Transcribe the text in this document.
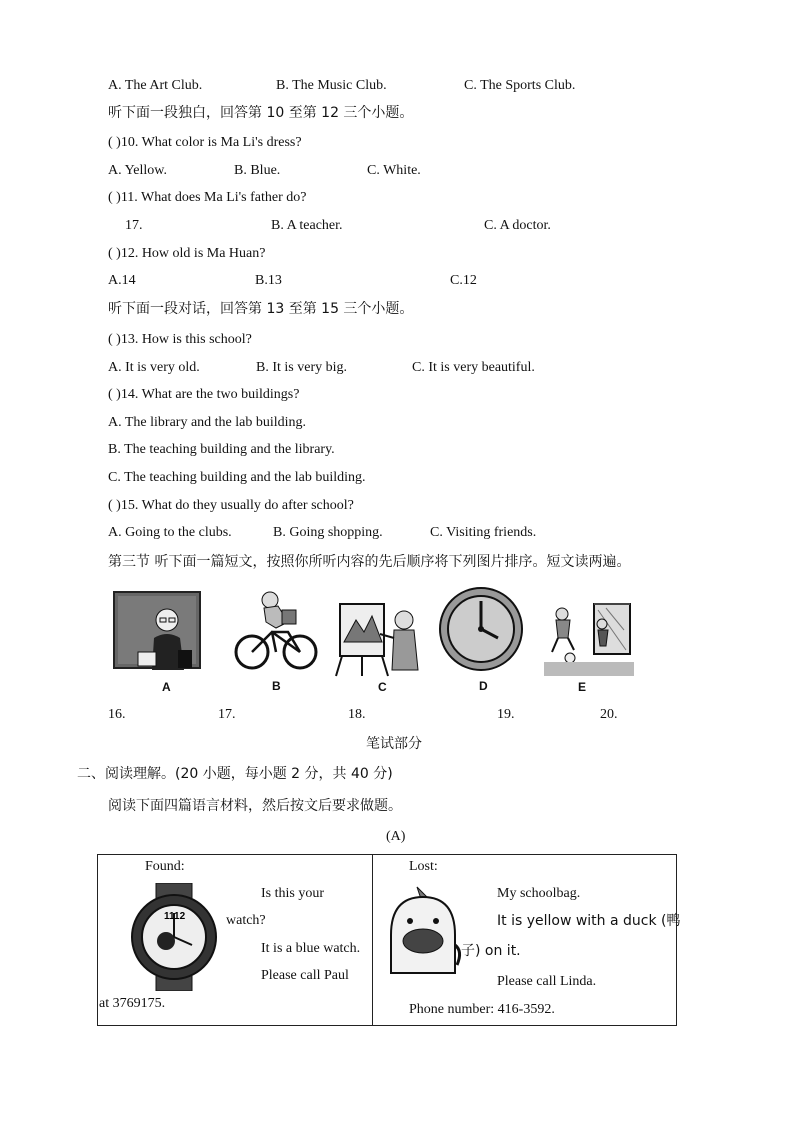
A. The Art Club.	B. The Music Club.	C. The Sports Club.
听下面一段独白，回答第 10 至第 12 三个小题。
( )10. What color is Ma Li's dress?
A. Yellow.	B. Blue.	C. White.
( )11. What does Ma Li's father do?
17.	B. A teacher.	C. A doctor.
( )12. How old is Ma Huan?
A.14	B.13	C.12
听下面一段对话，回答第 13 至第 15 三个小题。
( )13. How is this school?
A. It is very old.	B. It is very big.	C. It is very beautiful.
( )14. What are the two buildings?
A. The library and the lab building.
B. The teaching building and the library.
C. The teaching building and the lab building.
( )15. What do they usually do after school?
A. Going to the clubs.	B. Going shopping.	C. Visiting friends.
第三节 听下面一篇短文，按照你所听内容的先后顺序将下列图片排序。短文读两遍。
A	B	C	D	E
16.	17.	18.	19.	20.
笔试部分
二、阅读理解。(20 小题，每小题 2 分，共 40 分)
阅读下面四篇语言材料，然后按文后要求做题。
(A)
Found:
1112
Is this your
watch?
It is a blue watch.
Please call Paul
at 3769175.

Lost:
My schoolbag.
It is yellow with a duck (鸭
子) on it.
Please call Linda.
Phone number: 416-3592.
